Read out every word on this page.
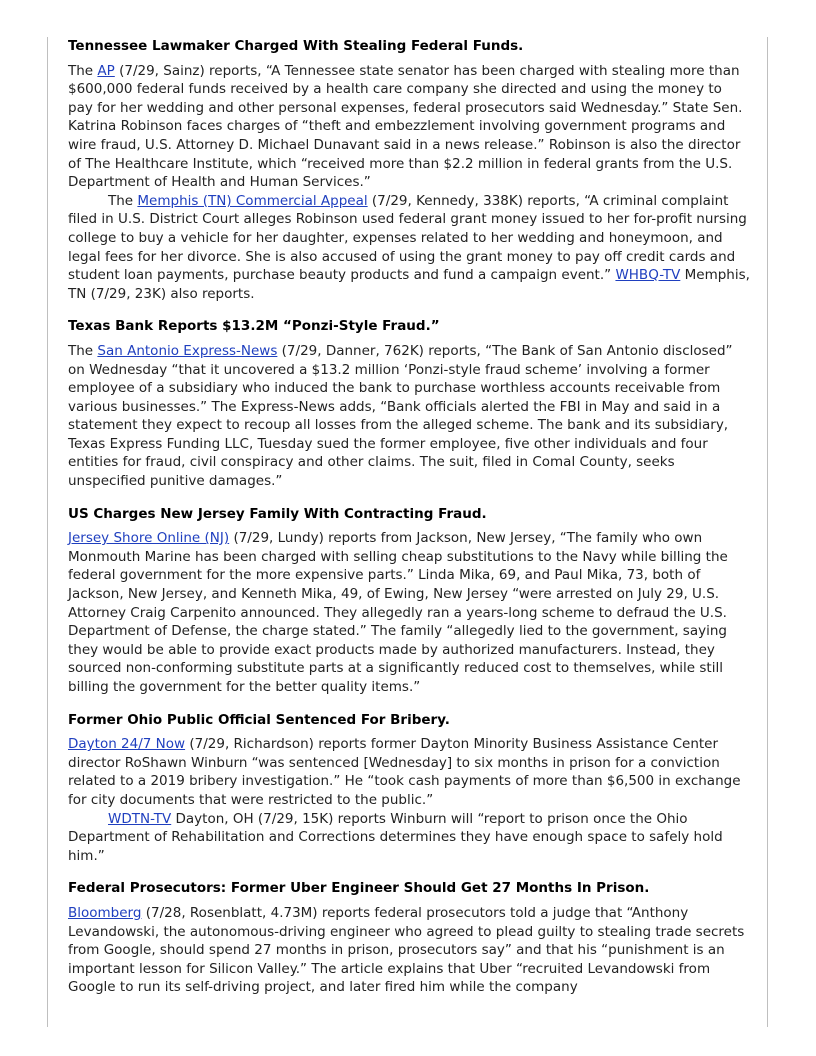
Tennessee Lawmaker Charged With Stealing Federal Funds.

The AP (7/29, Sainz) reports, “A Tennessee state senator has been charged with stealing more than $600,000 federal funds received by a health care company she directed and using the money to pay for her wedding and other personal expenses, federal prosecutors said Wednesday.” State Sen. Katrina Robinson faces charges of “theft and embezzlement involving government programs and wire fraud, U.S. Attorney D. Michael Dunavant said in a news release.” Robinson is also the director of The Healthcare Institute, which “received more than $2.2 million in federal grants from the U.S. Department of Health and Human Services.”

The Memphis (TN) Commercial Appeal (7/29, Kennedy, 338K) reports, “A criminal complaint filed in U.S. District Court alleges Robinson used federal grant money issued to her for-profit nursing college to buy a vehicle for her daughter, expenses related to her wedding and honeymoon, and legal fees for her divorce. She is also accused of using the grant money to pay off credit cards and student loan payments, purchase beauty products and fund a campaign event.” WHBQ-TV Memphis, TN (7/29, 23K) also reports.

Texas Bank Reports $13.2M “Ponzi-Style Fraud.”

The San Antonio Express-News (7/29, Danner, 762K) reports, “The Bank of San Antonio disclosed” on Wednesday “that it uncovered a $13.2 million ‘Ponzi-style fraud scheme’ involving a former employee of a subsidiary who induced the bank to purchase worthless accounts receivable from various businesses.” The Express-News adds, “Bank officials alerted the FBI in May and said in a statement they expect to recoup all losses from the alleged scheme. The bank and its subsidiary, Texas Express Funding LLC, Tuesday sued the former employee, five other individuals and four entities for fraud, civil conspiracy and other claims. The suit, filed in Comal County, seeks unspecified punitive damages.”

US Charges New Jersey Family With Contracting Fraud.

Jersey Shore Online (NJ) (7/29, Lundy) reports from Jackson, New Jersey, “The family who own Monmouth Marine has been charged with selling cheap substitutions to the Navy while billing the federal government for the more expensive parts.” Linda Mika, 69, and Paul Mika, 73, both of Jackson, New Jersey, and Kenneth Mika, 49, of Ewing, New Jersey “were arrested on July 29, U.S. Attorney Craig Carpenito announced. They allegedly ran a years-long scheme to defraud the U.S. Department of Defense, the charge stated.” The family “allegedly lied to the government, saying they would be able to provide exact products made by authorized manufacturers. Instead, they sourced non-conforming substitute parts at a significantly reduced cost to themselves, while still billing the government for the better quality items.”

Former Ohio Public Official Sentenced For Bribery.

Dayton 24/7 Now (7/29, Richardson) reports former Dayton Minority Business Assistance Center director RoShawn Winburn “was sentenced [Wednesday] to six months in prison for a conviction related to a 2019 bribery investigation.” He “took cash payments of more than $6,500 in exchange for city documents that were restricted to the public.”

WDTN-TV Dayton, OH (7/29, 15K) reports Winburn will “report to prison once the Ohio Department of Rehabilitation and Corrections determines they have enough space to safely hold him.”

Federal Prosecutors: Former Uber Engineer Should Get 27 Months In Prison.

Bloomberg (7/28, Rosenblatt, 4.73M) reports federal prosecutors told a judge that “Anthony Levandowski, the autonomous-driving engineer who agreed to plead guilty to stealing trade secrets from Google, should spend 27 months in prison, prosecutors say” and that his “punishment is an important lesson for Silicon Valley.” The article explains that Uber “recruited Levandowski from Google to run its self-driving project, and later fired him while the company
